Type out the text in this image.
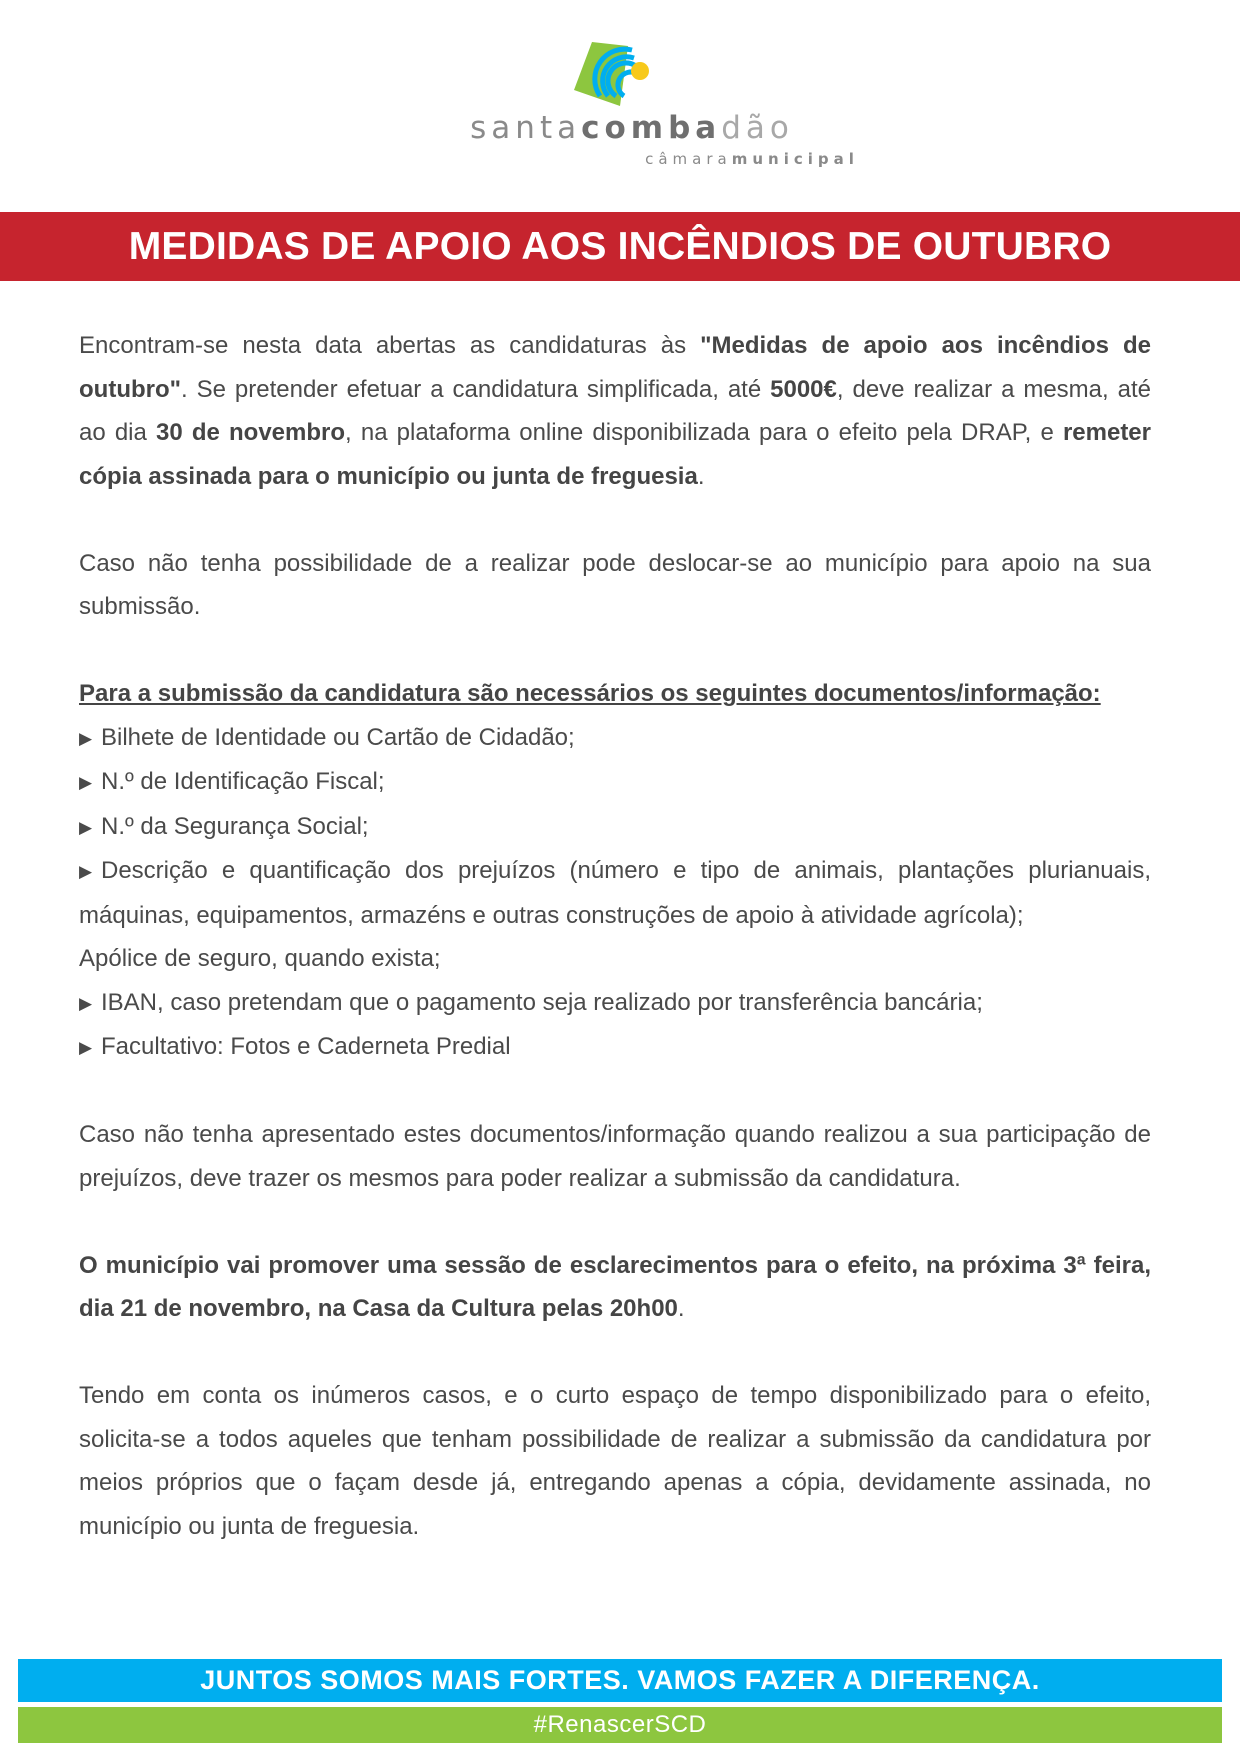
santacombadão
câmaramunicipal
MEDIDAS DE APOIO AOS INCÊNDIOS DE OUTUBRO

Encontram-se nesta data abertas as candidaturas às "Medidas de apoio aos incêndios de outubro". Se pretender efetuar a candidatura simplificada, até 5000€, deve realizar a mesma, até ao dia 30 de novembro, na plataforma online disponibilizada para o efeito pela DRAP, e remeter cópia assinada para o município ou junta de freguesia.

Caso não tenha possibilidade de a realizar pode deslocar-se ao município para apoio na sua submissão.

Para a submissão da candidatura são necessários os seguintes documentos/informação:

▶ Bilhete de Identidade ou Cartão de Cidadão;

▶ N.º de Identificação Fiscal;

▶ N.º da Segurança Social;

▶ Descrição e quantificação dos prejuízos (número e tipo de animais, plantações plurianuais, máquinas, equipamentos, armazéns e outras construções de apoio à atividade agrícola);

Apólice de seguro, quando exista;

▶ IBAN, caso pretendam que o pagamento seja realizado por transferência bancária;

▶ Facultativo: Fotos e Caderneta Predial

Caso não tenha apresentado estes documentos/informação quando realizou a sua participação de prejuízos, deve trazer os mesmos para poder realizar a submissão da candidatura.

O município vai promover uma sessão de esclarecimentos para o efeito, na próxima 3ª feira, dia 21 de novembro, na Casa da Cultura pelas 20h00.

Tendo em conta os inúmeros casos, e o curto espaço de tempo disponibilizado para o efeito, solicita-se a todos aqueles que tenham possibilidade de realizar a submissão da candidatura por meios próprios que o façam desde já, entregando apenas a cópia, devidamente assinada, no município ou junta de freguesia.

JUNTOS SOMOS MAIS FORTES. VAMOS FAZER A DIFERENÇA.
#RenascerSCD
